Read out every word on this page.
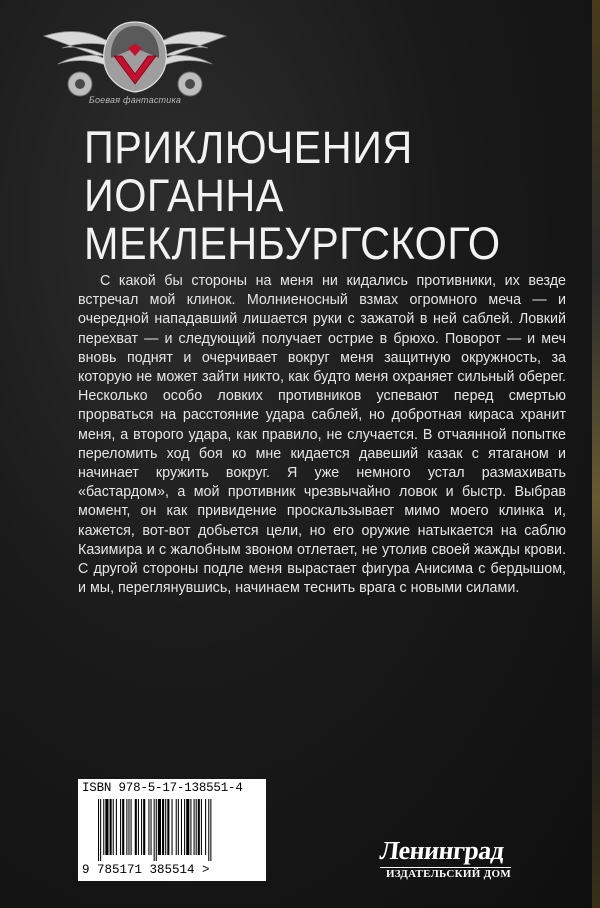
Боевая фантастика
ПРИКЛЮЧЕНИЯ
ИОГАННА
МЕКЛЕНБУРГСКОГО
С какой бы стороны на меня ни кидались противники, их везде встречал мой клинок. Молниеносный взмах огромного меча — и очередной нападавший лишается руки с зажатой в ней саблей. Ловкий перехват — и следующий получает острие в брюхо. Поворот — и меч вновь поднят и очерчивает вокруг меня защитную окружность, за которую не может зайти никто, как будто меня охраняет сильный оберег. Несколько особо ловких противников успевают перед смертью прорваться на расстояние удара саблей, но добротная кираса хранит меня, а второго удара, как правило, не случается. В отчаянной попытке переломить ход боя ко мне кидается давеший казак с ятаганом и начинает кружить вокруг. Я уже немного устал размахивать «бастардом», а мой противник чрезвычайно ловок и быстр. Выбрав момент, он как привидение проскальзывает мимо моего клинка и, кажется, вот-вот добьется цели, но его оружие натыкается на саблю Казимира и с жалобным звоном отлетает, не утолив своей жажды крови. С другой стороны подле меня вырастает фигура Анисима с бердышом, и мы, переглянувшись, начинаем теснить врага с новыми силами.
ISBN 978-5-17-138551-4
9 785171 385514 >
Ленинград
ИЗДАТЕЛЬСКИЙ ДОМ
